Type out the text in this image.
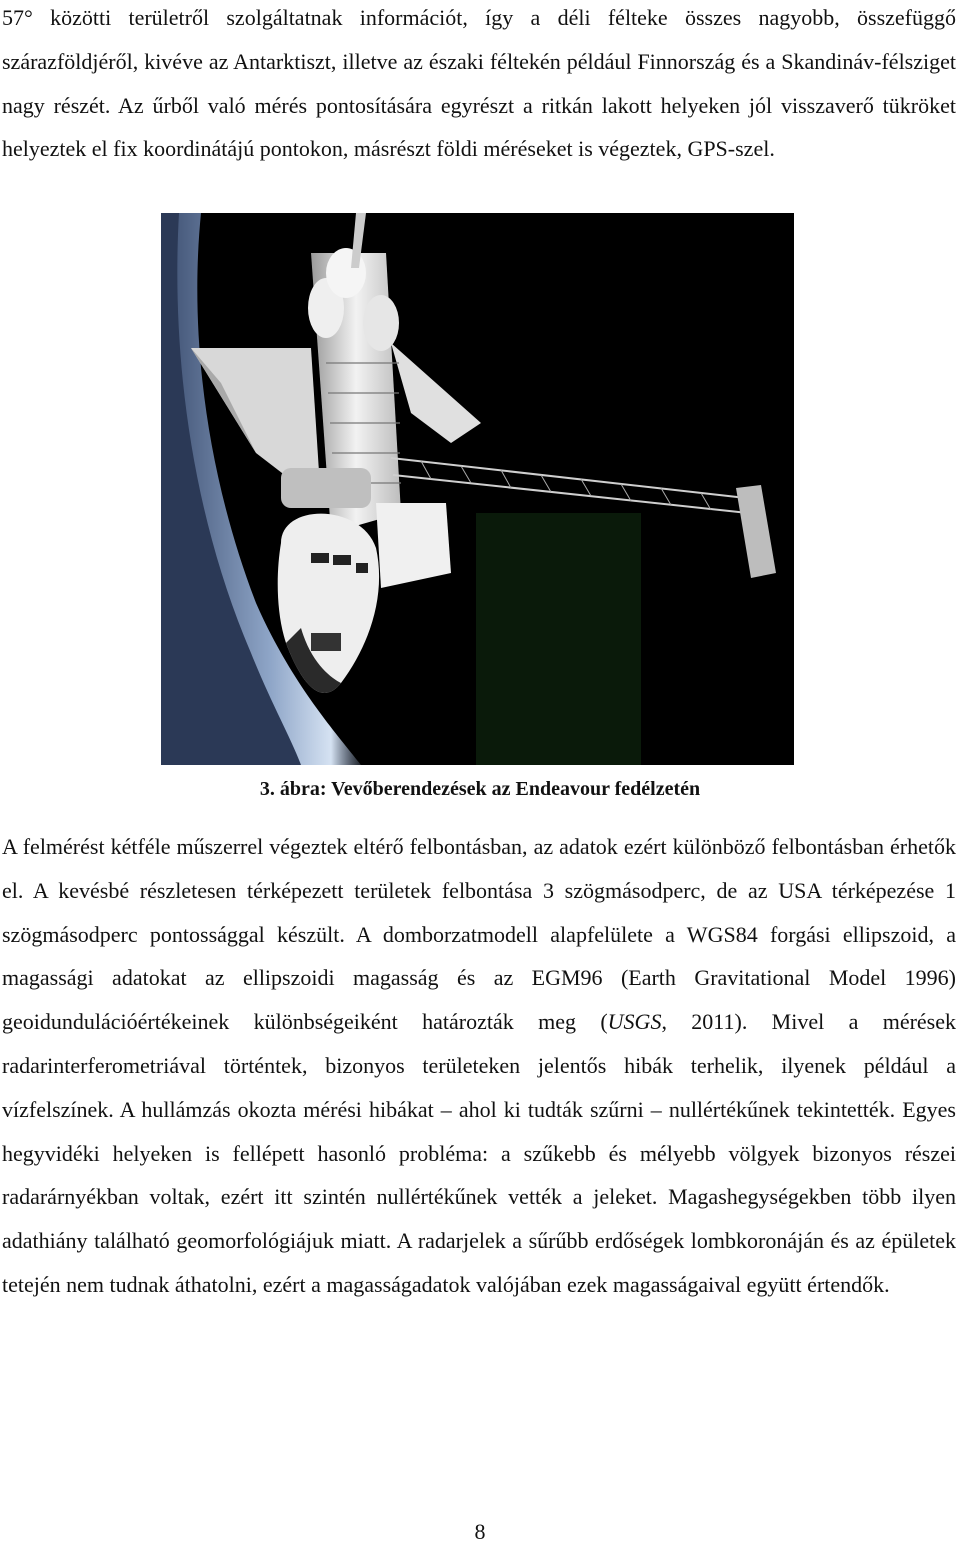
57° közötti területről szolgáltatnak információt, így a déli félteke összes nagyobb, összefüggő szárazföldjéről, kivéve az Antarktiszt, illetve az északi féltekén például Finnország és a Skandináv-félsziget nagy részét. Az űrből való mérés pontosítására egyrészt a ritkán lakott helyeken jól visszaverő tükröket helyeztek el fix koordinátájú pontokon, másrészt földi méréseket is végeztek, GPS-szel.

3. ábra: Vevőberendezések az Endeavour fedélzetén

A felmérést kétféle műszerrel végeztek eltérő felbontásban, az adatok ezért különböző felbontásban érhetők el. A kevésbé részletesen térképezett területek felbontása 3 szögmásodperc, de az USA térképezése 1 szögmásodperc pontossággal készült. A domborzatmodell alapfelülete a WGS84 forgási ellipszoid, a magassági adatokat az ellipszoidi magasság és az EGM96 (Earth Gravitational Model 1996) geoidundulációértékeinek különbségeiként határozták meg (USGS, 2011). Mivel a mérések radarinterferometriával történtek, bizonyos területeken jelentős hibák terhelik, ilyenek például a vízfelszínek. A hullámzás okozta mérési hibákat – ahol ki tudták szűrni – nullértékűnek tekintették. Egyes hegyvidéki helyeken is fellépett hasonló probléma: a szűkebb és mélyebb völgyek bizonyos részei radarárnyékban voltak, ezért itt szintén nullértékűnek vették a jeleket. Magashegységekben több ilyen adathiány található geomorfológiájuk miatt. A radarjelek a sűrűbb erdőségek lombkoronáján és az épületek tetején nem tudnak áthatolni, ezért a magasságadatok valójában ezek magasságaival együtt értendők.

8
